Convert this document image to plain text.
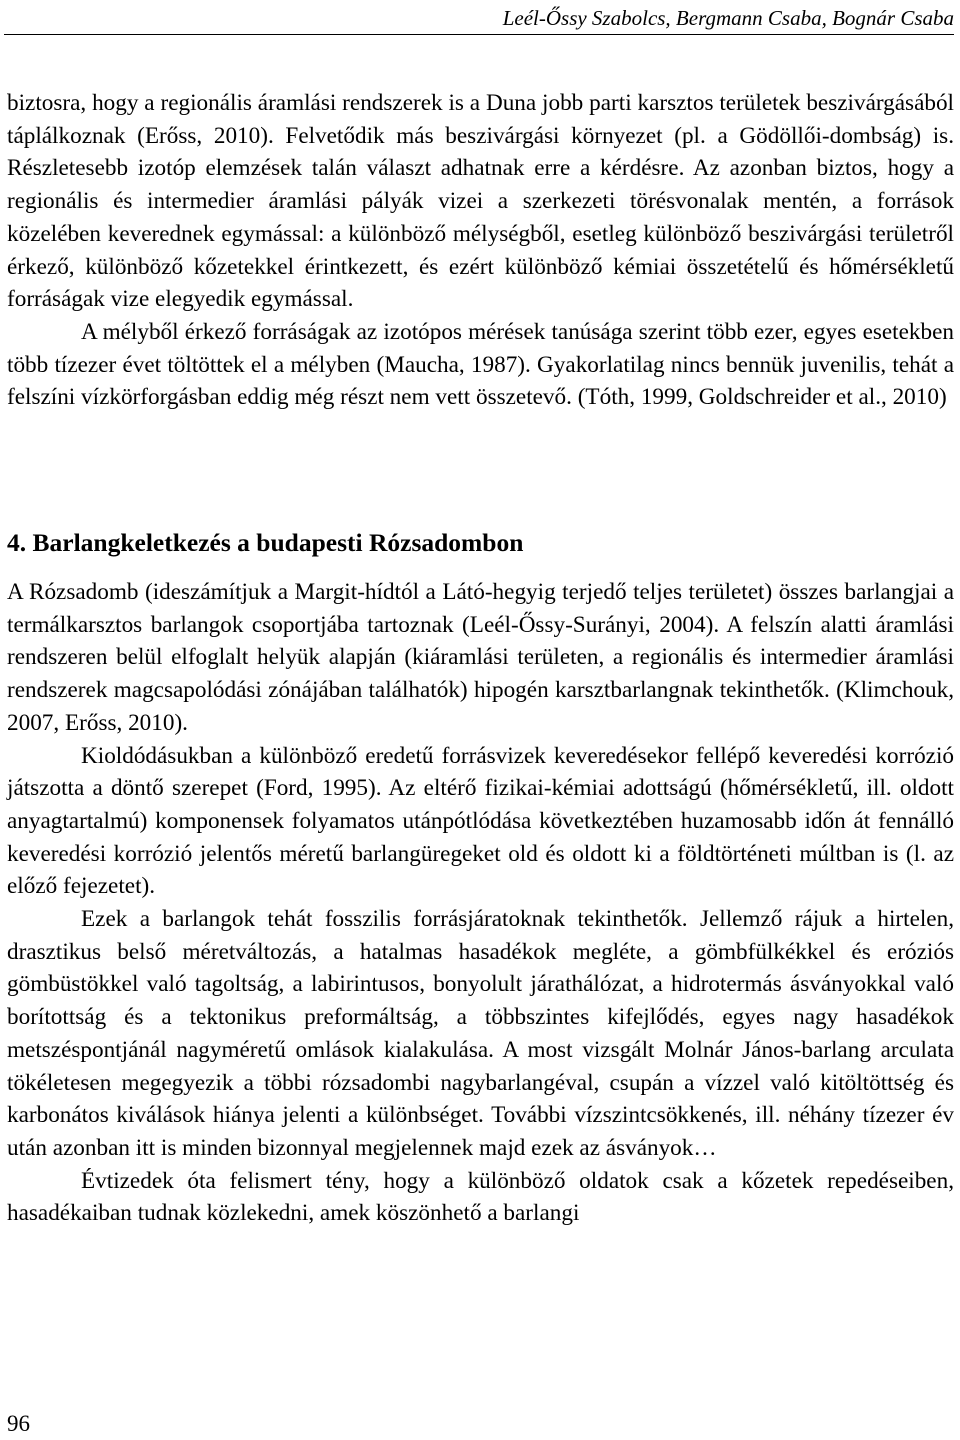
Leél-Őssy Szabolcs, Bergmann Csaba, Bognár Csaba

biztosra, hogy a regionális áramlási rendszerek is a Duna jobb parti karsztos területek beszivárgásából táplálkoznak (Erőss, 2010). Felvetődik más beszivárgási környezet (pl. a Gödöllői-dombság) is. Részletesebb izotóp elemzések talán választ adhatnak erre a kérdésre. Az azonban biztos, hogy a regionális és intermedier áramlási pályák vizei a szerkezeti törésvonalak mentén, a források közelében keverednek egymással: a különböző mélységből, esetleg különböző beszivárgási területről érkező, különböző kőzetekkel érintkezett, és ezért különböző kémiai összetételű és hőmérsékletű forráságak vize elegyedik egymással.

A mélyből érkező forráságak az izotópos mérések tanúsága szerint több ezer, egyes esetekben több tízezer évet töltöttek el a mélyben (Maucha, 1987). Gyakorlatilag nincs bennük juvenilis, tehát a felszíni vízkörforgásban eddig még részt nem vett összetevő. (Tóth, 1999, Goldschreider et al., 2010)

4. Barlangkeletkezés a budapesti Rózsadombon

A Rózsadomb (ideszámítjuk a Margit-hídtól a Látó-hegyig terjedő teljes területet) összes barlangjai a termálkarsztos barlangok csoportjába tartoznak (Leél-Őssy-Surányi, 2004). A felszín alatti áramlási rendszeren belül elfoglalt helyük alapján (kiáramlási területen, a regionális és intermedier áramlási rendszerek magcsapolódási zónájában találhatók) hipogén karsztbarlangnak tekinthetők. (Klimchouk, 2007, Erőss, 2010).

Kioldódásukban a különböző eredetű forrásvizek keveredésekor fellépő keveredési korrózió játszotta a döntő szerepet (Ford, 1995). Az eltérő fizikai-kémiai adottságú (hőmérsékletű, ill. oldott anyagtartalmú) komponensek folyamatos utánpótlódása következtében huzamosabb időn át fennálló keveredési korrózió jelentős méretű barlangüregeket old és oldott ki a földtörténeti múltban is (l. az előző fejezetet).

Ezek a barlangok tehát fosszilis forrásjáratoknak tekinthetők. Jellemző rájuk a hirtelen, drasztikus belső méretváltozás, a hatalmas hasadékok megléte, a gömbfülkékkel és eróziós gömbüstökkel való tagoltság, a labirintusos, bonyolult járathálózat, a hidrotermás ásványokkal való borítottság és a tektonikus preformáltság, a többszintes kifejlődés, egyes nagy hasadékok metszéspontjánál nagyméretű omlások kialakulása. A most vizsgált Molnár János-barlang arculata tökéletesen megegyezik a többi rózsadombi nagybarlangéval, csupán a vízzel való kitöltöttség és karbonátos kiválások hiánya jelenti a különbséget. További vízszintcsökkenés, ill. néhány tízezer év után azonban itt is minden bizonnyal megjelennek majd ezek az ásványok…

Évtizedek óta felismert tény, hogy a különböző oldatok csak a kőzetek repedéseiben, hasadékaiban tudnak közlekedni, amek köszönhető a barlangi

96
